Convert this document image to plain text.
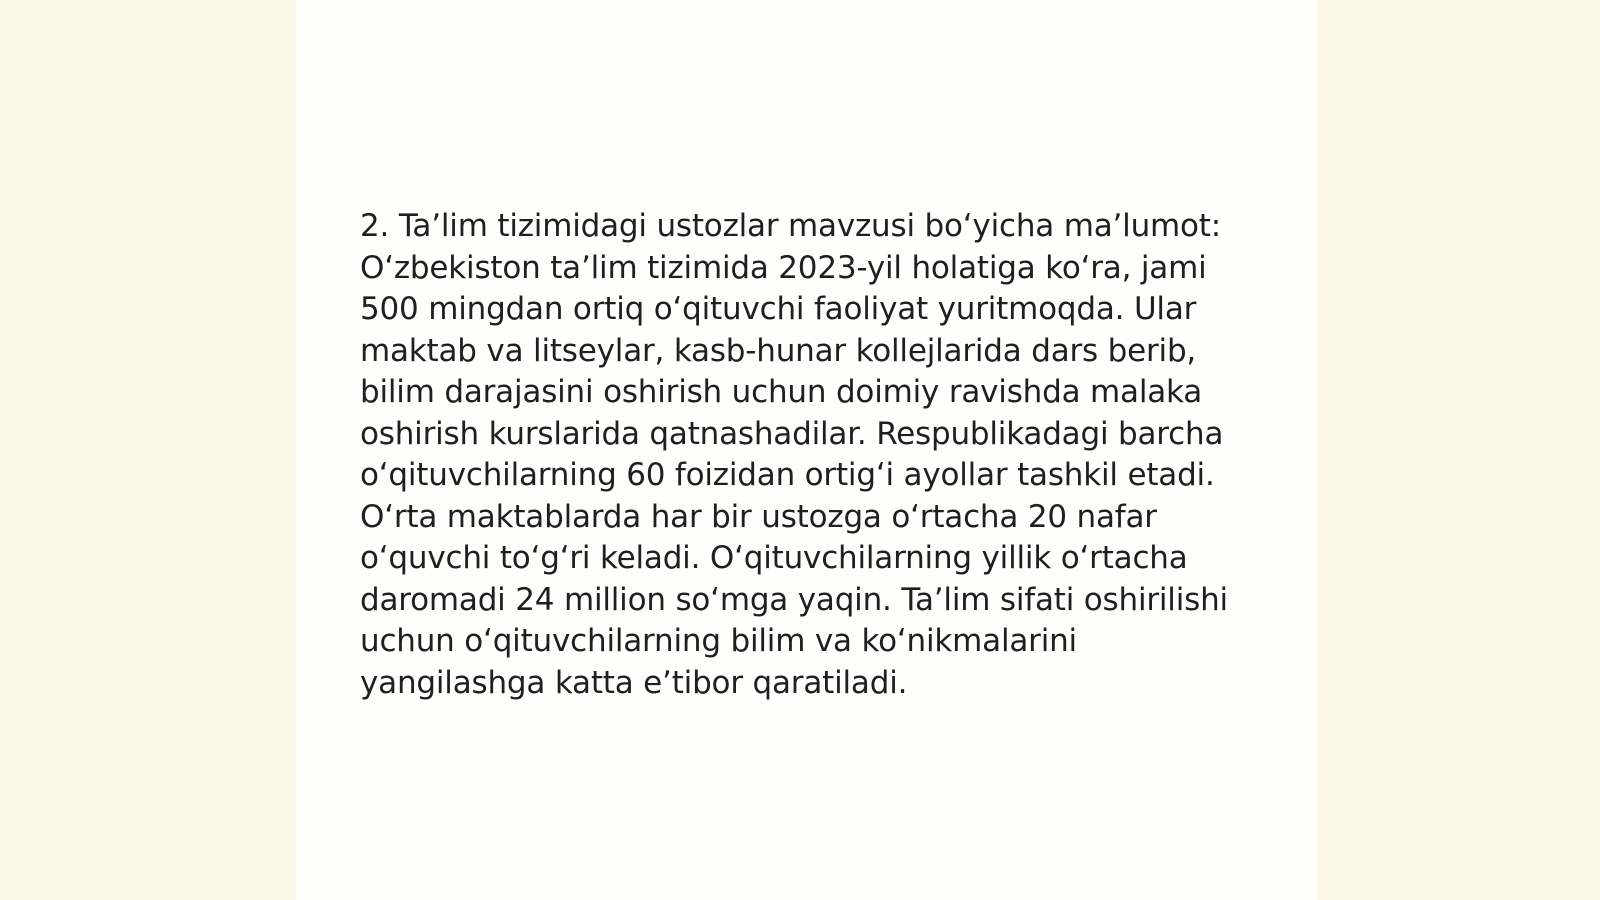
2. Ta’lim tizimidagi ustozlar mavzusi bo‘yicha ma’lumot: O‘zbekiston ta’lim tizimida 2023-yil holatiga ko‘ra, jami 500 mingdan ortiq o‘qituvchi faoliyat yuritmoqda. Ular maktab va litseylar, kasb-hunar kollejlarida dars berib, bilim darajasini oshirish uchun doimiy ravishda malaka oshirish kurslarida qatnashadilar. Respublikadagi barcha o‘qituvchilarning 60 foizidan ortig‘i ayollar tashkil etadi. O‘rta maktablarda har bir ustozga o‘rtacha 20 nafar o‘quvchi to‘g‘ri keladi. O‘qituvchilarning yillik o‘rtacha daromadi 24 million so‘mga yaqin. Ta’lim sifati oshirilishi uchun o‘qituvchilarning bilim va ko‘nikmalarini yangilashga katta e’tibor qaratiladi.
